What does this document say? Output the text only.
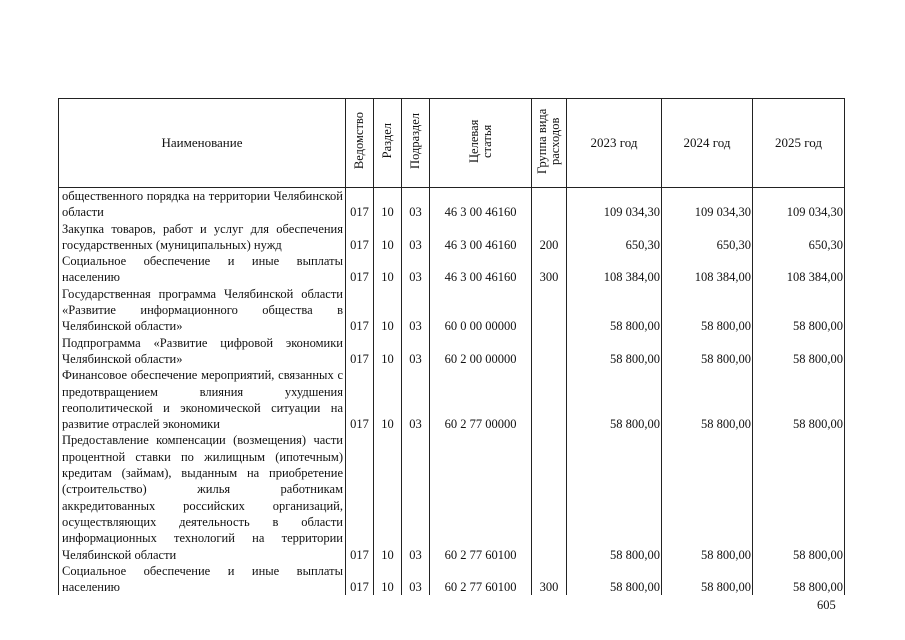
Наименование	Ведомство	Раздел	Подраздел	Целевая статья	Группа вида расходов	2023 год	2024 год	2025 год
общественного порядка на территории Челябинской области	017	10	03	46 3 00 46160		109 034,30	109 034,30	109 034,30
Закупка товаров, работ и услуг для обеспечения государственных (муниципальных) нужд	017	10	03	46 3 00 46160	200	650,30	650,30	650,30
Социальное обеспечение и иные выплаты населению	017	10	03	46 3 00 46160	300	108 384,00	108 384,00	108 384,00
Государственная программа Челябинской области «Развитие информационного общества в Челябинской области»	017	10	03	60 0 00 00000		58 800,00	58 800,00	58 800,00
Подпрограмма «Развитие цифровой экономики Челябинской области»	017	10	03	60 2 00 00000		58 800,00	58 800,00	58 800,00
Финансовое обеспечение мероприятий, связанных с предотвращением влияния ухудшения геополитической и экономической ситуации на развитие отраслей экономики	017	10	03	60 2 77 00000		58 800,00	58 800,00	58 800,00
Предоставление компенсации (возмещения) части процентной ставки по жилищным (ипотечным) кредитам (займам), выданным на приобретение (строительство) жилья работникам аккредитованных российских организаций, осуществляющих деятельность в области информационных технологий на территории Челябинской области	017	10	03	60 2 77 60100		58 800,00	58 800,00	58 800,00
Социальное обеспечение и иные выплаты населению	017	10	03	60 2 77 60100	300	58 800,00	58 800,00	58 800,00
605
